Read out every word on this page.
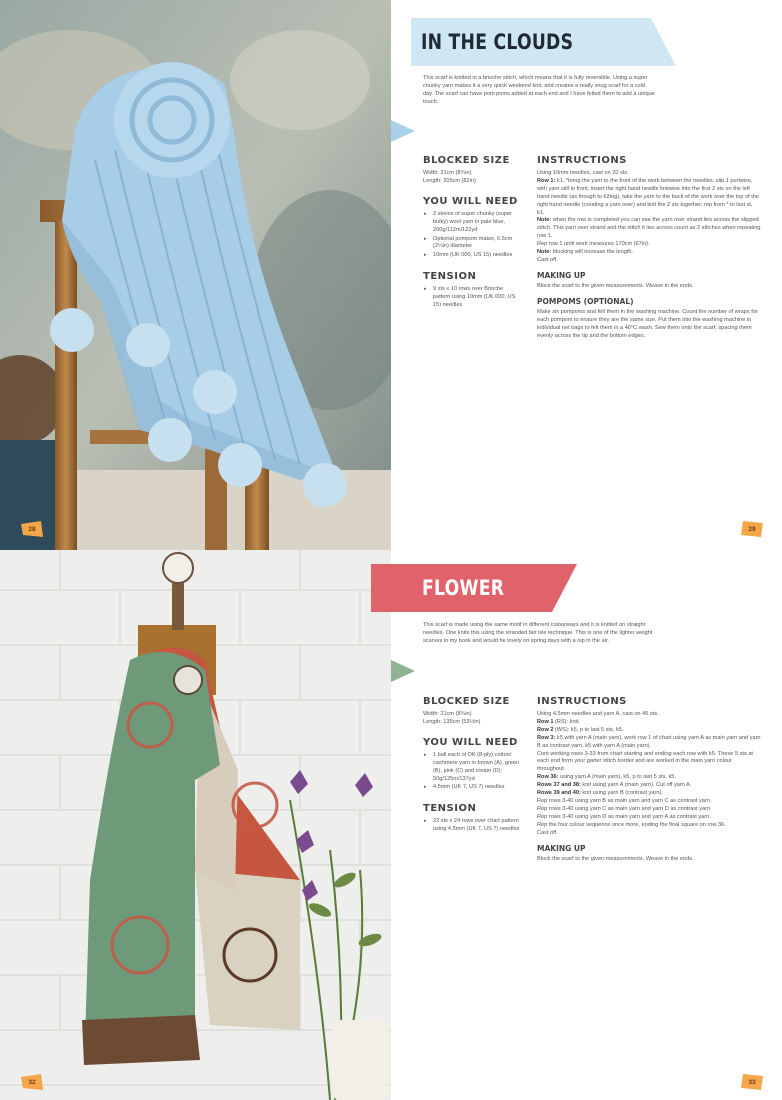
28
IN THE CLOUDS

This scarf is knitted in a brioche stitch, which means that it is fully reversible. Using a super chunky yarn makes it a very quick weekend knit, and creates a really snug scarf for a cold day. The scarf can have pom poms added at each end and I have felted them to add a unique touch.

BLOCKED SIZE

Width: 21cm (8¾in)

Length: 205cm (82in)

YOU WILL NEED
▸ 2 skeins of super chunky (super bulky) wool yarn in pale blue, 200g/112m/122yd
▸ Optional pompom maker, 6.5cm (2¼in) diameter
▸ 10mm (UK 000, US 15) needles
TENSION
▸ 9 sts x 10 rows over Brioche pattern using 10mm (UK 000, US 15) needles
INSTRUCTIONS

Using 10mm needles, cast on 20 sts.

Row 1: k1, *bring the yarn to the front of the work between the needles, slip 1 purlwise, with yarn still in front, insert the right hand needle knitwise into the first 2 sts on the left hand needle (as though to k2tog), take the yarn to the back of the work over the top of the right hand needle (creating a yarn over) and knit the 2 sts together; rep from * to last st, k1.

Note: when the row is completed you can see the yarn over strand lies across the slipped stitch. This yarn over strand and the stitch it lies across count as 2 stitches when repeating row 1.

Rep row 1 until work measures 170cm (67in).

Note: blocking will increase the length.

Cast off.

MAKING UP

Block the scarf to the given measurements. Weave in the ends.

POMPOMS (OPTIONAL)

Make six pompoms and felt them in the washing machine. Count the number of wraps for each pompom to ensure they are the same size. Put them into the washing machine in individual net bags to felt them in a 40°C wash. Sew them onto the scarf, spacing them evenly across the tip and the bottom edges.

29
32
FLOWER

This scarf is made using the same motif in different colourways and it is knitted on straight needles. One knits this using the stranded fair isle technique. This is one of the lighter weight scarves in my book and would be lovely on spring days with a nip in the air.

BLOCKED SIZE

Width: 21cm (8¾in)

Length: 135cm (53½in)

YOU WILL NEED
▸ 1 ball each of DK (8-ply) cotton/ cashmere yarn in brown (A), green (B), pink (C) and cream (D); 50g/125m/137yd
▸ 4.5mm (UK 7, US 7) needles
TENSION
▸ 22 sts x 24 rows over chart pattern using 4.5mm (UK 7, US 7) needles
INSTRUCTIONS

Using 4.5mm needles and yarn A, cast on 45 sts.

Row 1 (RS): knit.

Row 2 (WS): k5, p to last 5 sts, k5.

Row 3: k5 with yarn A (main yarn), work row 1 of chart using yarn A as main yarn and yarn B as contrast yarn, k5 with yarn A (main yarn).

Cont working rows 3-33 from chart starting and ending each row with k5. These 5 sts at each end form your garter stitch border and are worked in the main yarn colour throughout.

Row 36: using yarn A (main yarn), k5, p to last 5 sts, k5.

Rows 37 and 38: knit using yarn A (main yarn). Cut off yarn A.

Rows 39 and 40: knit using yarn B (contrast yarn).

Rep rows 3-40 using yarn B as main yarn and yarn C as contrast yarn.

Rep rows 3-40 using yarn C as main yarn and yarn D as contrast yarn.

Rep rows 3-40 using yarn D as main yarn and yarn A as contrast yarn.

Rep the four colour sequence once more, ending the final square on row 36.

Cast off.

MAKING UP

Block the scarf to the given measurements. Weave in the ends.

33
